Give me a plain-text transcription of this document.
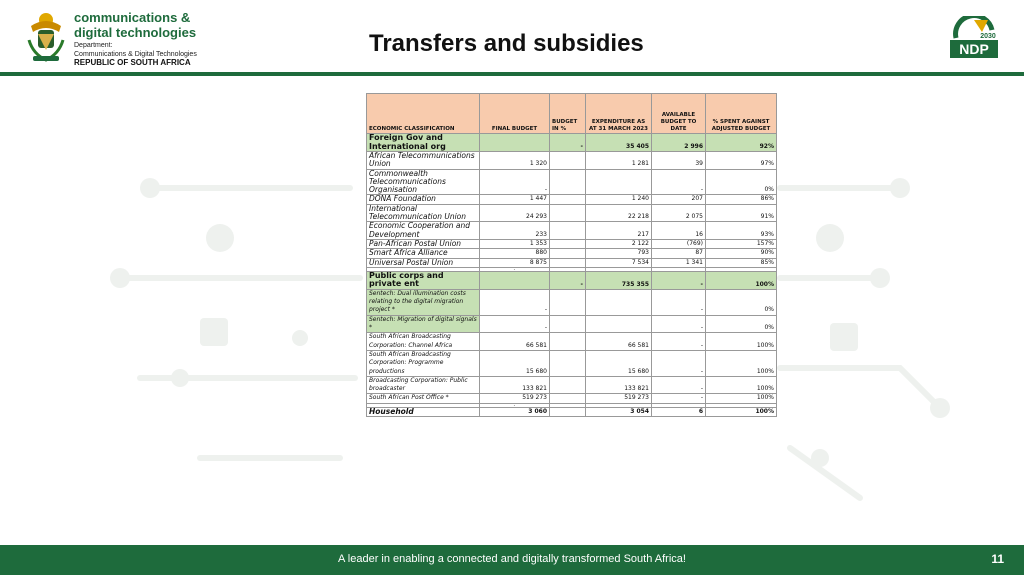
communications &
digital technologies
Department:
Communications & Digital Technologies
REPUBLIC OF SOUTH AFRICA
Transfers and subsidies	NDP
2030
ECONOMIC CLASSIFICATION	FINAL BUDGET	BUDGET IN %	EXPENDITURE AS AT 31 MARCH 2023	AVAILABLE BUDGET TO DATE	% SPENT AGAINST ADJUSTED BUDGET
Foreign Gov and International org		-	35 405	2 996	92%
African Telecommunications Union	1 320		1 281	39	97%
Commonwealth Telecommunications Organisation	-			-	0%
DONA Foundation	1 447		1 240	207	86%
International Telecommunication Union	24 293		22 218	2 075	91%
Economic Cooperation and Development	233		217	16	93%
Pan-African Postal Union	1 353		2 122	(769)	157%
Smart Africa Alliance	880		793	87	90%
Universal Postal Union	8 875		7 534	1 341	85%
	-				
Public corps and private ent		-	735 355	-	100%
Sentech: Dual illumination costs relating to the digital migration project *	-			-	0%
Sentech: Migration of digital signals *	-			-	0%
South African Broadcasting Corporation: Channel Africa	66 581		66 581	-	100%
South African Broadcasting Corporation: Programme productions	15 680		15 680	-	100%
Broadcasting Corporation: Public broadcaster	133 821		133 821	-	100%
South African Post Office *	519 273		519 273	-	100%
	-				
Household	3 060		3 054	6	100%
A leader in enabling a connected and digitally transformed South Africa!	11
